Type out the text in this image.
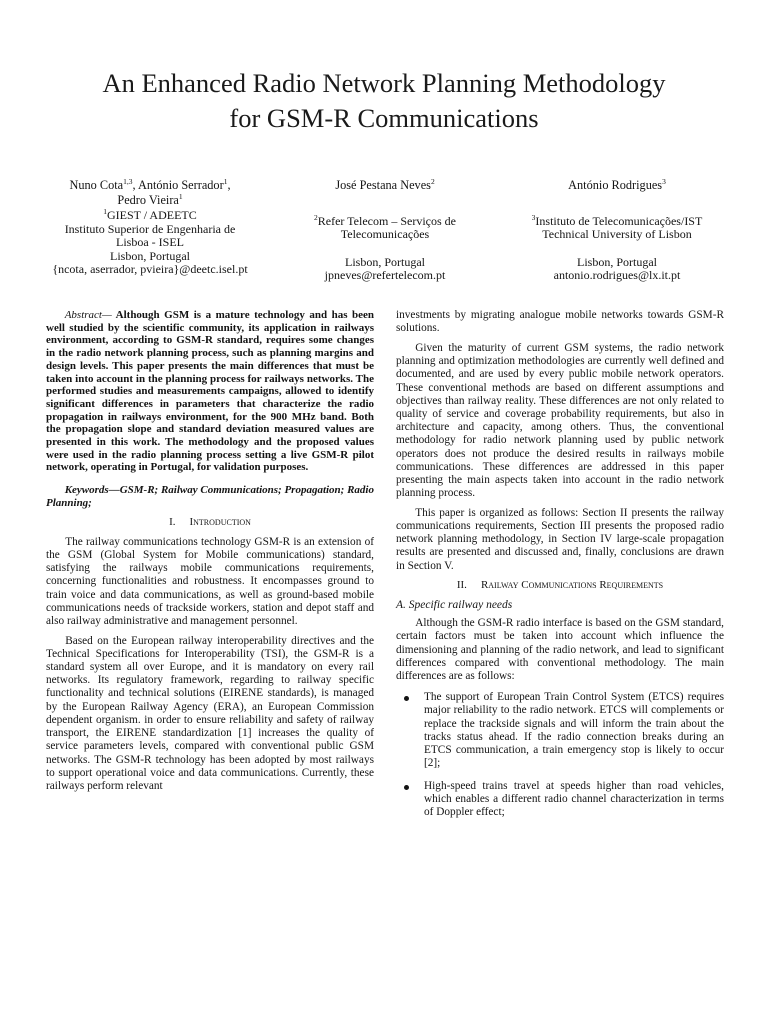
An Enhanced Radio Network Planning Methodology
for GSM-R Communications
Nuno Cota$^{1,3}$, António Serrador$^1$,
Pedro Vieira$^1$
$^1$GIEST / ADEETC
Instituto Superior de Engenharia de
Lisboa - ISEL
Lisbon, Portugal
{ncota, aserrador, pvieira}@deetc.isel.pt
José Pestana Neves$^2$
$^2$Refer Telecom – Serviços de
Telecomunicações
Lisbon, Portugal
jpneves@refertelecom.pt
António Rodrigues$^3$
$^3$Instituto de Telecomunicações/IST
Technical University of Lisbon
Lisbon, Portugal
antonio.rodrigues@lx.it.pt

Abstract— Although GSM is a mature technology and has been well studied by the scientific community, its application in railways environment, according to GSM-R standard, requires some changes in the radio network planning process, such as planning margins and design levels. This paper presents the main differences that must be taken into account in the planning process for railways networks. The performed studies and measurements campaigns, allowed to identify significant differences in parameters that characterize the radio propagation in railways environment, for the 900 MHz band. Both the propagation slope and standard deviation measured values are presented in this work. The methodology and the proposed values were used in the radio planning process setting a live GSM-R pilot network, operating in Portugal, for validation purposes.

Keywords—GSM-R; Railway Communications; Propagation; Radio Planning;

I. Introduction

The railway communications technology GSM-R is an extension of the GSM (Global System for Mobile communications) standard, satisfying the railways mobile communications requirements, concerning functionalities and robustness. It encompasses ground to train voice and data communications, as well as ground-based mobile communications needs of trackside workers, station and depot staff and also railway administrative and management personnel.

Based on the European railway interoperability directives and the Technical Specifications for Interoperability (TSI), the GSM-R is a standard system all over Europe, and it is mandatory on every rail networks. Its regulatory framework, regarding to railway specific functionality and technical solutions (EIRENE standards), is managed by the European Railway Agency (ERA), an European Commission dependent organism. in order to ensure reliability and safety of railway transport, the EIRENE standardization [1] increases the quality of service parameters levels, compared with conventional public GSM networks. The GSM-R technology has been adopted by most railways to support operational voice and data communications. Currently, these railways perform relevant

investments by migrating analogue mobile networks towards GSM-R solutions.

Given the maturity of current GSM systems, the radio network planning and optimization methodologies are currently well defined and documented, and are used by every public mobile network operators. These conventional methods are based on different assumptions and objectives than railway reality. These differences are not only related to quality of service and coverage probability requirements, but also in architecture and capacity, among others. Thus, the conventional methodology for radio network planning used by public network operators does not produce the desired results in railways mobile communications. These differences are addressed in this paper presenting the main aspects taken into account in the radio network planning process.

This paper is organized as follows: Section II presents the railway communications requirements, Section III presents the proposed radio network planning methodology, in Section IV large-scale propagation results are presented and discussed and, finally, conclusions are drawn in Section V.

II. Railway Communications Requirements

A. Specific railway needs

Although the GSM-R radio interface is based on the GSM standard, certain factors must be taken into account which influence the dimensioning and planning of the radio network, and lead to significant differences compared with conventional methodology. The main differences are as follows:

The support of European Train Control System (ETCS) requires major reliability to the radio network. ETCS will complements or replace the trackside signals and will inform the train about the tracks status ahead. If the radio connection breaks during an ETCS communication, a train emergency stop is likely to occur [2];
High-speed trains travel at speeds higher than road vehicles, which enables a different radio channel characterization in terms of Doppler effect;
